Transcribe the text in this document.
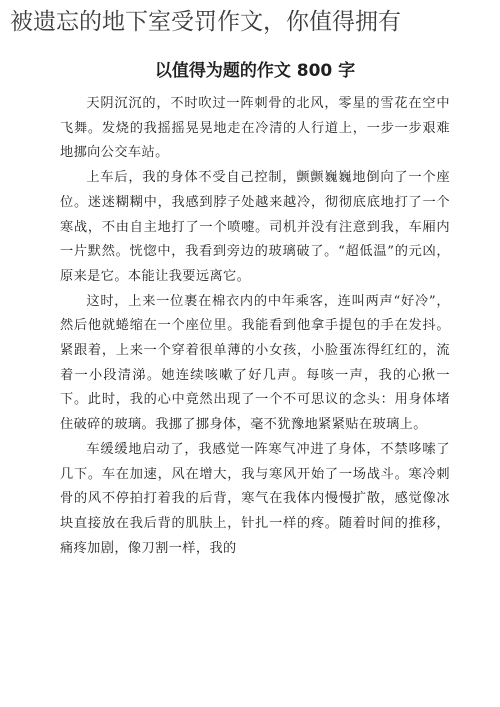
被遗忘的地下室受罚作文，你值得拥有
以值得为题的作文 800 字

天阴沉沉的，不时吹过一阵刺骨的北风，零星的雪花在空中飞舞。发烧的我摇摇晃晃地走在冷清的人行道上，一步一步艰难地挪向公交车站。

上车后，我的身体不受自己控制，颤颤巍巍地倒向了一个座位。迷迷糊糊中，我感到脖子处越来越冷，彻彻底底地打了一个寒战，不由自主地打了一个喷嚏。司机并没有注意到我，车厢内一片默然。恍惚中，我看到旁边的玻璃破了。“超低温”的元凶，原来是它。本能让我要远离它。

这时，上来一位裹在棉衣内的中年乘客，连叫两声“好冷”，然后他就蜷缩在一个座位里。我能看到他拿手提包的手在发抖。紧跟着，上来一个穿着很单薄的小女孩，小脸蛋冻得红红的，流着一小段清涕。她连续咳嗽了好几声。每咳一声，我的心揪一下。此时，我的心中竟然出现了一个不可思议的念头：用身体堵住破碎的玻璃。我挪了挪身体，毫不犹豫地紧紧贴在玻璃上。

车缓缓地启动了，我感觉一阵寒气冲进了身体，不禁哆嗦了几下。车在加速，风在增大，我与寒风开始了一场战斗。寒冷刺骨的风不停拍打着我的后背，寒气在我体内慢慢扩散，感觉像冰块直接放在我后背的肌肤上，针扎一样的疼。随着时间的推移，痛疼加剧，像刀割一样，我的
